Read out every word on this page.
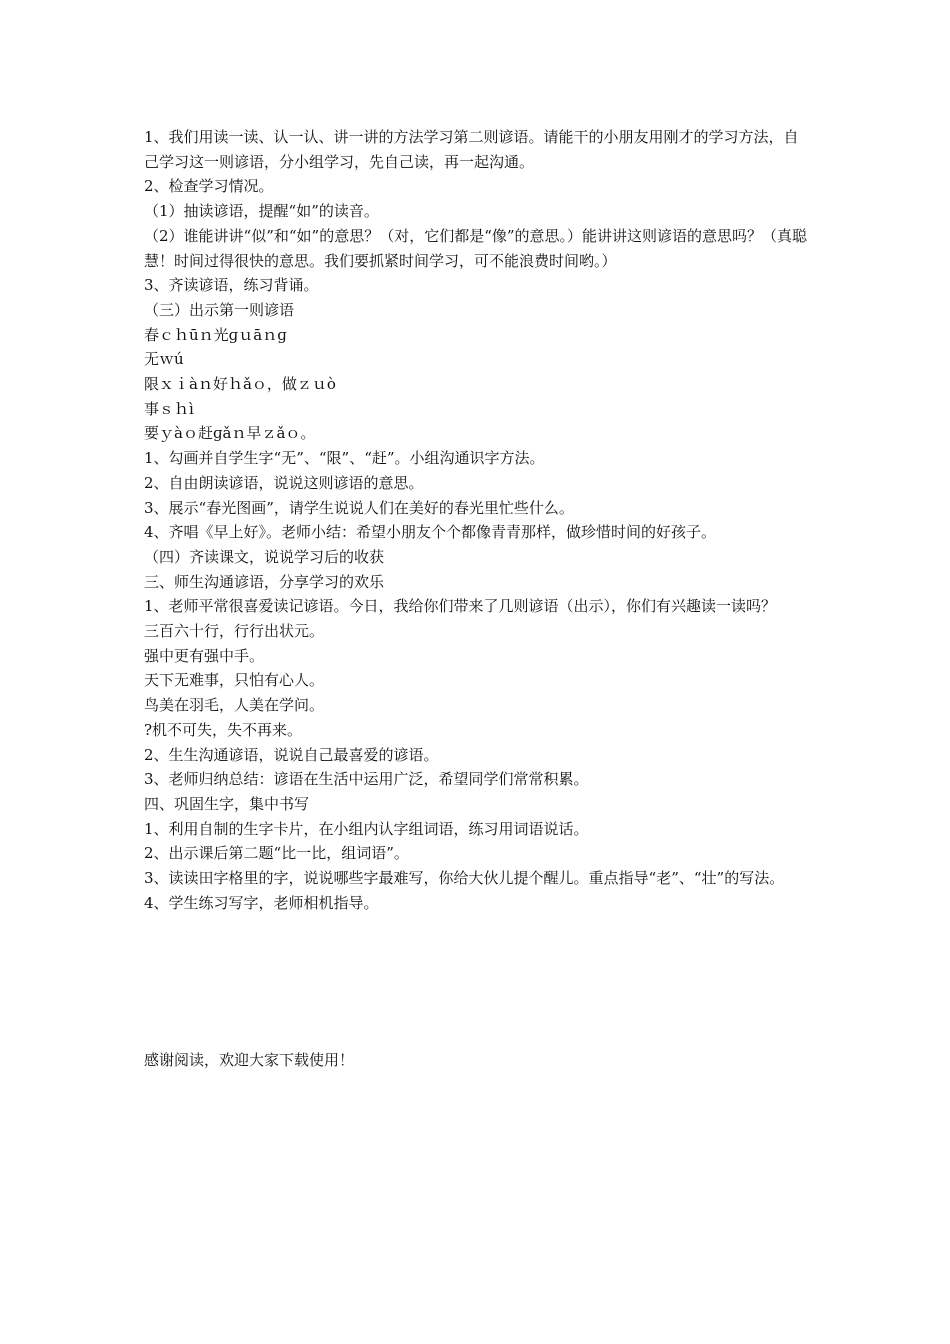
1、我们用读一读、认一认、讲一讲的方法学习第二则谚语。请能干的小朋友用刚才的学习方法，自己学习这一则谚语，分小组学习，先自己读，再一起沟通。

2、检查学习情况。

（1）抽读谚语，提醒“如”的读音。

（2）谁能讲讲“似”和“如”的意思？（对，它们都是“像”的意思。）能讲讲这则谚语的意思吗？（真聪慧！时间过得很快的意思。我们要抓紧时间学习，可不能浪费时间哟。）

3、齐读谚语，练习背诵。

（三）出示第一则谚语

春ｃｈūｎ光ɡｕāｎɡ

无ｗú

限ｘｉàｎ好ｈǎｏ，做ｚｕò

事ｓｈì

要ｙàｏ赶ɡǎｎ早ｚǎｏ。

1、勾画并自学生字“无”、“限”、“赶”。小组沟通识字方法。

2、自由朗读谚语，说说这则谚语的意思。

3、展示“春光图画”，请学生说说人们在美好的春光里忙些什么。

4、齐唱《早上好》。老师小结：希望小朋友个个都像青青那样，做珍惜时间的好孩子。

（四）齐读课文，说说学习后的收获

三、师生沟通谚语，分享学习的欢乐

1、老师平常很喜爱读记谚语。今日，我给你们带来了几则谚语（出示），你们有兴趣读一读吗？

三百六十行，行行出状元。

强中更有强中手。

天下无难事，只怕有心人。

鸟美在羽毛，人美在学问。

?机不可失，失不再来。

2、生生沟通谚语，说说自己最喜爱的谚语。

3、老师归纳总结：谚语在生活中运用广泛，希望同学们常常积累。

四、巩固生字，集中书写

1、利用自制的生字卡片，在小组内认字组词语，练习用词语说话。

2、出示课后第二题“比一比，组词语”。

3、读读田字格里的字，说说哪些字最难写，你给大伙儿提个醒儿。重点指导“老”、“壮”的写法。

4、学生练习写字，老师相机指导。

感谢阅读，欢迎大家下载使用！
